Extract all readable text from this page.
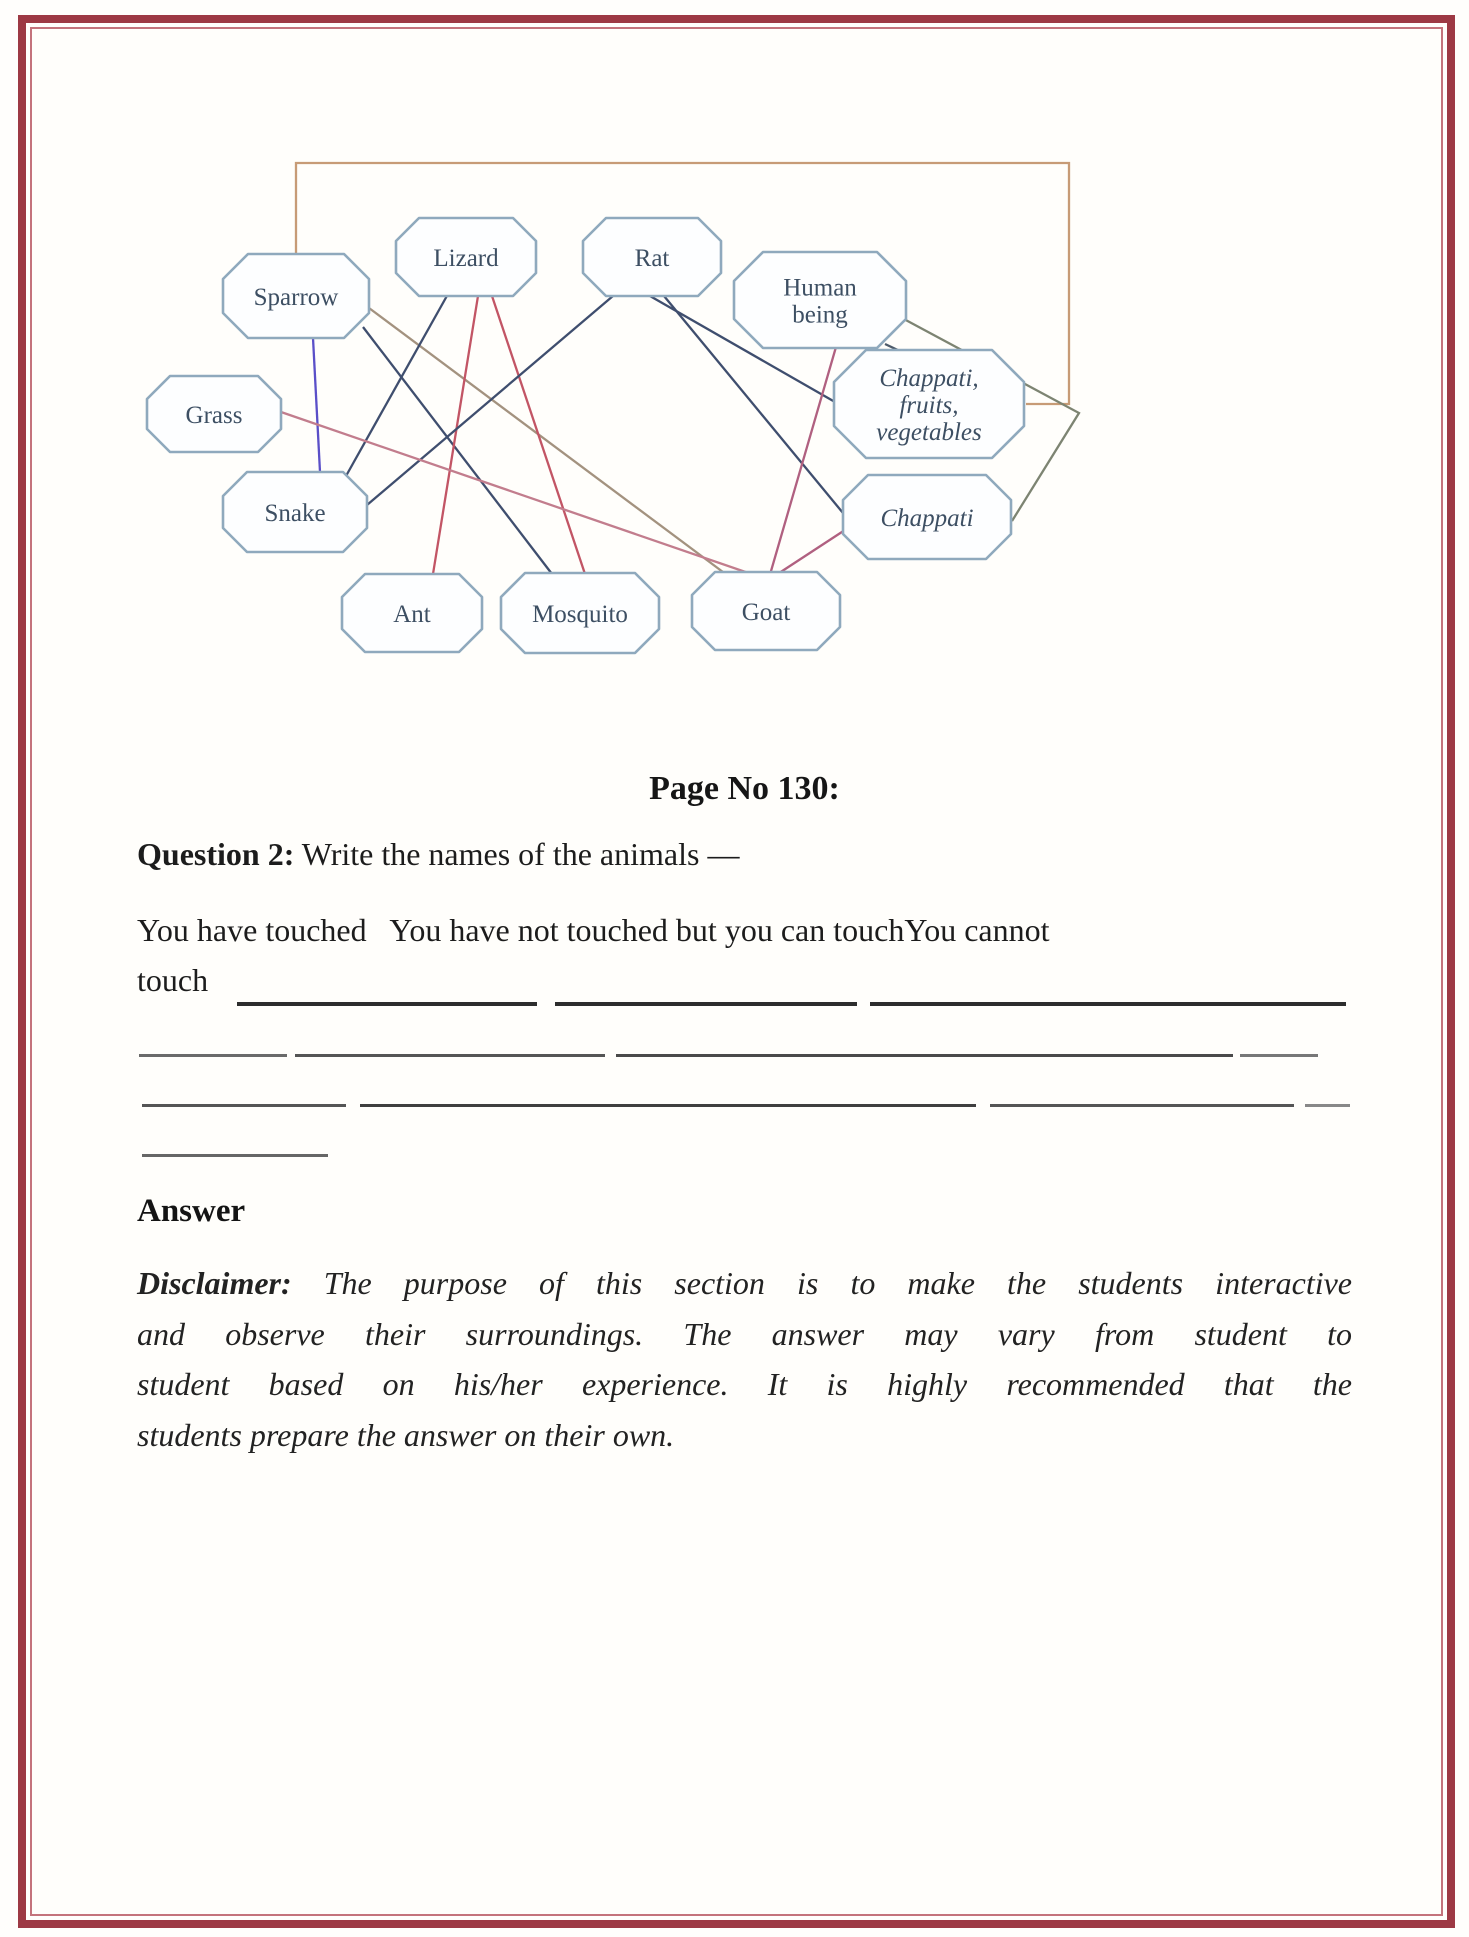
Sparrow
Lizard	Rat
Human being
Grass
Snake
Chappati, fruits, vegetables
Chappati
Ant	Mosquito	Goat
Page No 130:
Question 2: Write the names of the animals —
You have touched   You have not touched but you can touchYou cannot
touch
Answer
Disclaimer: The purpose of this section is to make the students interactive
and observe their surroundings. The answer may vary from student to
student based on his/her experience. It is highly recommended that the
students prepare the answer on their own.
